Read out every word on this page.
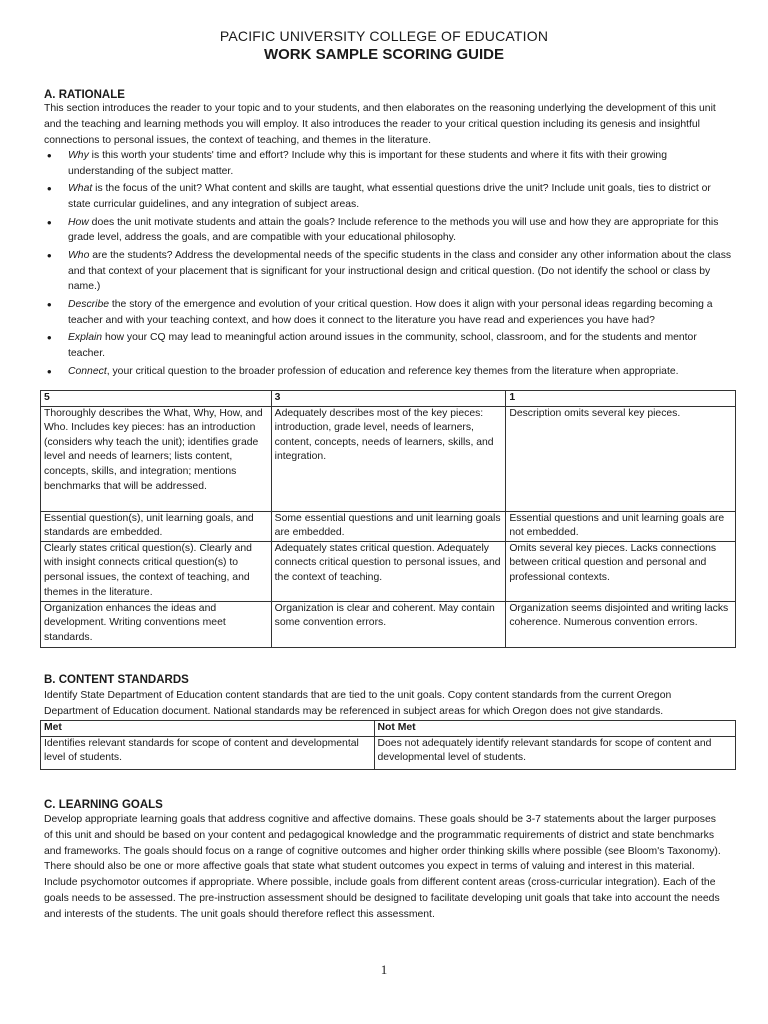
PACIFIC UNIVERSITY COLLEGE OF EDUCATION
WORK SAMPLE SCORING GUIDE
A. RATIONALE
This section introduces the reader to your topic and to your students, and then elaborates on the reasoning underlying the development of this unit and the teaching and learning methods you will employ. It also introduces the reader to your critical question including its genesis and insightful connections to personal issues, the context of teaching, and themes in the literature.
• Why is this worth your students' time and effort? Include why this is important for these students and where it fits with their growing understanding of the subject matter.
• What is the focus of the unit? What content and skills are taught, what essential questions drive the unit? Include unit goals, ties to district or state curricular guidelines, and any integration of subject areas.
• How does the unit motivate students and attain the goals? Include reference to the methods you will use and how they are appropriate for this grade level, address the goals, and are compatible with your educational philosophy.
• Who are the students? Address the developmental needs of the specific students in the class and consider any other information about the class and that context of your placement that is significant for your instructional design and critical question. (Do not identify the school or class by name.)
• Describe the story of the emergence and evolution of your critical question. How does it align with your personal ideas regarding becoming a teacher and with your teaching context, and how does it connect to the literature you have read and experiences you have had?
• Explain how your CQ may lead to meaningful action around issues in the community, school, classroom, and for the students and mentor teacher.
• Connect, your critical question to the broader profession of education and reference key themes from the literature when appropriate.
5	3	1
Thoroughly describes the What, Why, How, and Who. Includes key pieces: has an introduction (considers why teach the unit); identifies grade level and needs of learners; lists content, concepts, skills, and integration; mentions benchmarks that will be addressed.	Adequately describes most of the key pieces: introduction, grade level, needs of learners, content, concepts, needs of learners, skills, and integration.	Description omits several key pieces.
Essential question(s), unit learning goals, and standards are embedded.	Some essential questions and unit learning goals are embedded.	Essential questions and unit learning goals are not embedded.
Clearly states critical question(s). Clearly and with insight connects critical question(s) to personal issues, the context of teaching, and themes in the literature.	Adequately states critical question. Adequately connects critical question to personal issues, and the context of teaching.	Omits several key pieces. Lacks connections between critical question and personal and professional contexts.
Organization enhances the ideas and development. Writing conventions meet standards.	Organization is clear and coherent. May contain some convention errors.	Organization seems disjointed and writing lacks coherence. Numerous convention errors.
B. CONTENT STANDARDS
Identify State Department of Education content standards that are tied to the unit goals. Copy content standards from the current Oregon Department of Education document. National standards may be referenced in subject areas for which Oregon does not give standards.
Met	Not Met
Identifies relevant standards for scope of content and developmental level of students.	Does not adequately identify relevant standards for scope of content and developmental level of students.
C. LEARNING GOALS
Develop appropriate learning goals that address cognitive and affective domains. These goals should be 3-7 statements about the larger purposes of this unit and should be based on your content and pedagogical knowledge and the programmatic requirements of district and state benchmarks and frameworks. The goals should focus on a range of cognitive outcomes and higher order thinking skills where possible (see Bloom's Taxonomy). There should also be one or more affective goals that state what student outcomes you expect in terms of valuing and interest in this material. Include psychomotor outcomes if appropriate. Where possible, include goals from different content areas (cross-curricular integration). Each of the goals needs to be assessed. The pre-instruction assessment should be designed to facilitate developing unit goals that take into account the needs and interests of the students. The unit goals should therefore reflect this assessment.
1
